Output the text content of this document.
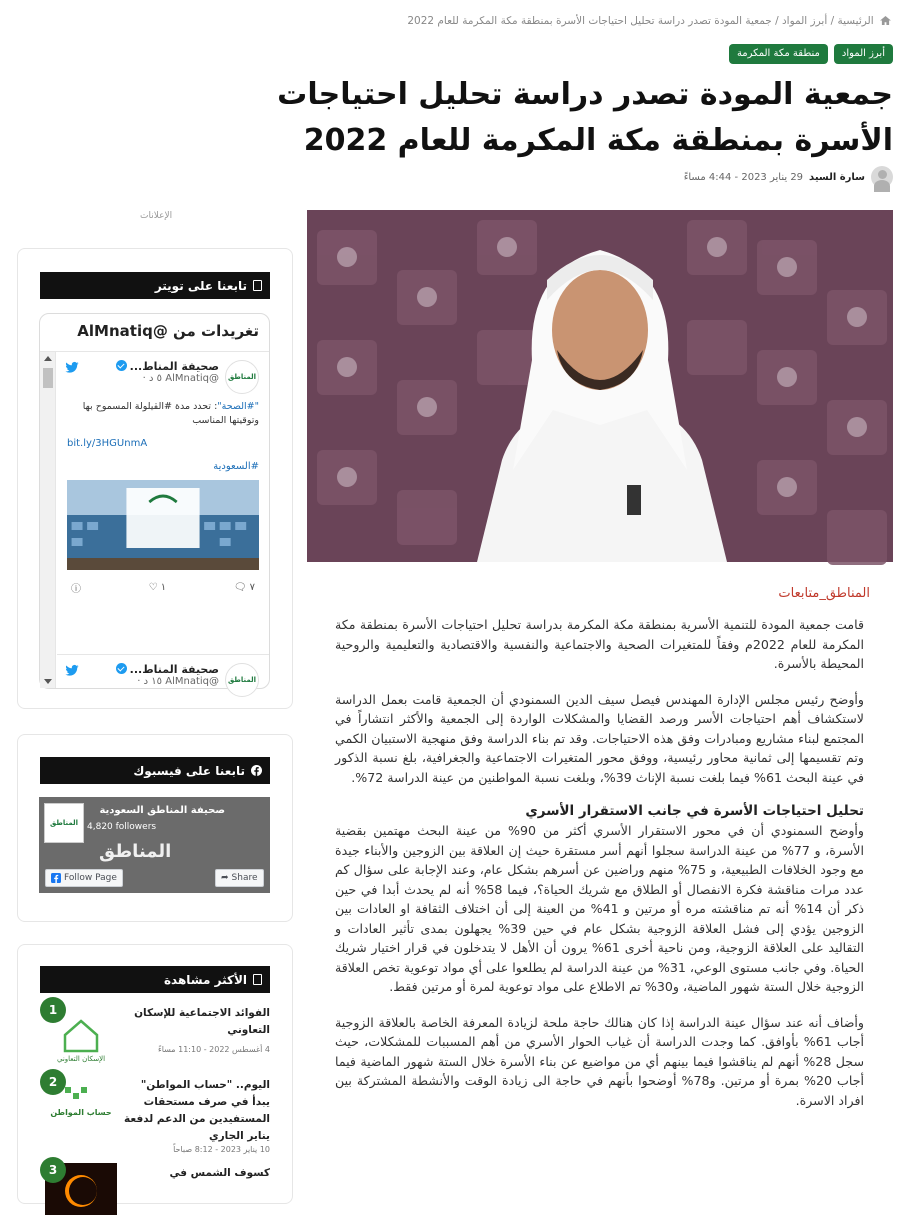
الرئيسية / أبرز المواد / جمعية المودة تصدر دراسة تحليل احتياجات الأسرة بمنطقة مكة المكرمة للعام 2022
أبرز المواد
منطقة مكة المكرمة
جمعية المودة تصدر دراسة تحليل احتياجات الأسرة بمنطقة مكة المكرمة للعام 2022
سارة السيد
29 يناير 2023 - 4:44 مساءً
الإعلانات
المناطق_متابعات

قامت جمعية المودة للتنمية الأسرية بمنطقة مكة المكرمة بدراسة تحليل احتياجات الأسرة بمنطقة مكة المكرمة للعام 2022م وفقاً للمتغيرات الصحية والاجتماعية والنفسية والاقتصادية والتعليمية والروحية المحيطة بالأسرة.

وأوضح رئيس مجلس الإدارة المهندس فيصل سيف الدين السمنودي أن الجمعية قامت بعمل الدراسة لاستكشاف أهم احتياجات الأسر ورصد القضايا والمشكلات الواردة إلى الجمعية والأكثر انتشاراً في المجتمع لبناء مشاريع ومبادرات وفق هذه الاحتياجات. وقد تم بناء الدراسة وفق منهجية الاستبيان الكمي وتم تقسيمها إلى ثمانية محاور رئيسية، ووفق محور المتغيرات الاجتماعية والجغرافية، بلغ نسبة الذكور في عينة البحث 61% فيما بلغت نسبة الإناث 39%، وبلغت نسبة المواطنين من عينة الدراسة 72%.

تحليل احتياجات الأسرة في جانب الاستقرار الأسري

وأوضح السمنودي أن في محور الاستقرار الأسري أكثر من 90% من عينة البحث مهتمين بقضية الأسرة، و 77% من عينة الدراسة سجلوا أنهم أسر مستقرة حيث إن العلاقة بين الزوجين والأبناء جيدة مع وجود الخلافات الطبيعية، و 75% منهم وراضين عن أسرهم بشكل عام، وعند الإجابة على سؤال كم عدد مرات مناقشة فكرة الانفصال أو الطلاق مع شريك الحياة؟، فيما 58% أنه لم يحدث أبدا في حين ذكر أن 14% أنه تم مناقشته مره أو مرتين و 41% من العينة إلى أن اختلاف الثقافة او العادات بين الزوجين يؤدي إلى فشل العلاقة الزوجية بشكل عام في حين 39% يجهلون بمدى تأثير العادات و التقاليد على العلاقة الزوجية، ومن ناحية أخرى 61% يرون أن الأهل لا يتدخلون في قرار اختيار شريك الحياة. وفي جانب مستوى الوعي، 31% من عينة الدراسة لم يطلعوا على أي مواد توعوية تخص العلاقة الزوجية خلال الستة شهور الماضية، و30% تم الاطلاع على مواد توعوية لمرة أو مرتين فقط.

وأضاف أنه عند سؤال عينة الدراسة إذا كان هنالك حاجة ملحة لزيادة المعرفة الخاصة بالعلاقة الزوجية أجاب 61% بأوافق. كما وجدت الدراسة أن غياب الحوار الأسري من أهم المسببات للمشكلات، حيث سجل 28% أنهم لم يناقشوا فيما بينهم أي من مواضيع عن بناء الأسرة خلال الستة شهور الماضية فيما أجاب 20% بمرة أو مرتين. و78% أوضحوا بأنهم في حاجة الى زيادة الوقت والأنشطة المشتركة بين افراد الاسرة.

تابعنا على تويتر
تغريدات من @AlMnatiq
المناطق
صحيفة المناط...
@AlMnatiq ٥ د ·
"#الصحة": تحدد مدة #القيلولة المسموح بها وتوقيتها المناسب
bit.ly/3HGUnmA
#السعودية
ⓘ	♡ ١	🗨 ٧
المناطق
صحيفة المناط...
@AlMnatiq ١٥ د ·
تابعنا على فيسبوك
المناطق
صحيفة المناطق السعودية
4,820 followers
المناطق
Follow Page	➦ Share
الأكثر مشاهدة
الإسكان التعاوني
1	الفوائد الاجتماعية للإسكان التعاوني
4 أغسطس 2022 - 11:10 مساءً
حساب المواطن
2	اليوم.. "حساب المواطن" يبدأ في صرف مستحقات المستفيدين من الدعم لدفعة يناير الجاري
10 يناير 2023 - 8:12 صباحاً
3	كسوف الشمس في
